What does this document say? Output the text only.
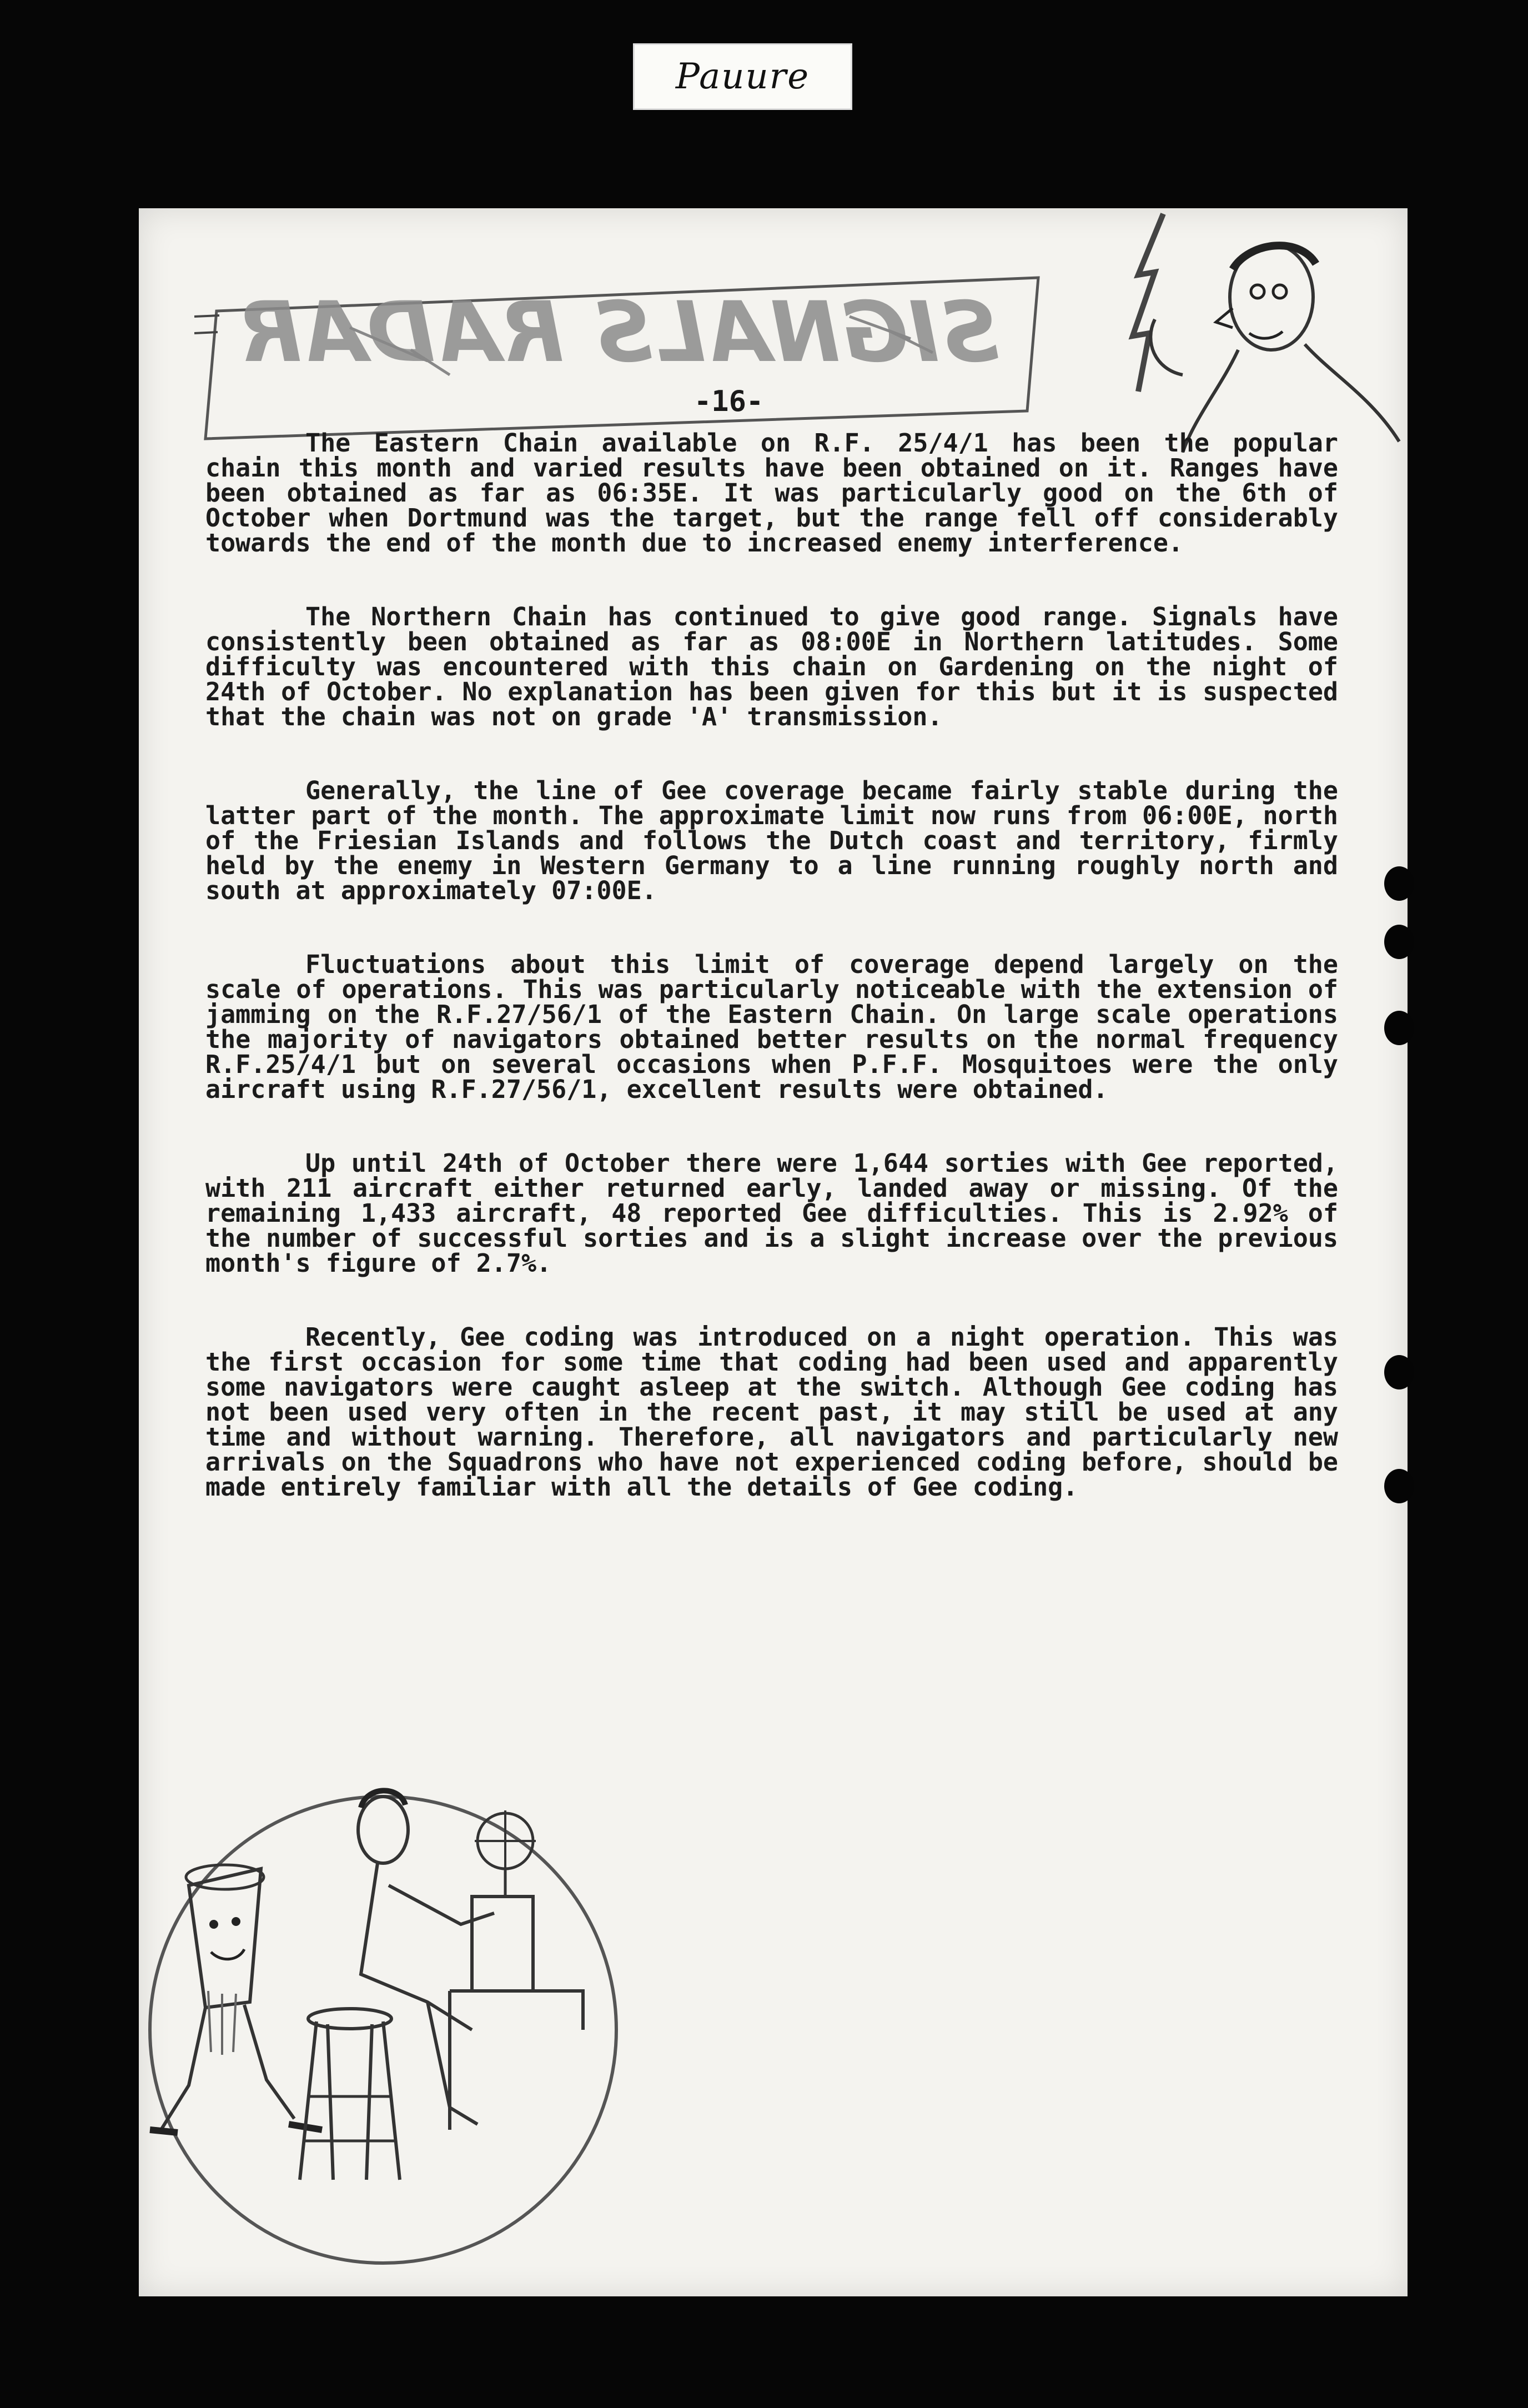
Pauure
SIGNALS RADAR
-16-

The Eastern Chain available on R.F. 25/4/1 has been the popular chain this month and varied results have been obtained on it. Ranges have been obtained as far as 06:35E. It was particularly good on the 6th of October when Dortmund was the target, but the range fell off considerably towards the end of the month due to increased enemy interference.

The Northern Chain has continued to give good range. Signals have consistently been obtained as far as 08:00E in Northern latitudes. Some difficulty was encountered with this chain on Gardening on the night of 24th of October. No explanation has been given for this but it is suspected that the chain was not on grade 'A' transmission.

Generally, the line of Gee coverage became fairly stable during the latter part of the month. The approximate limit now runs from 06:00E, north of the Friesian Islands and follows the Dutch coast and territory, firmly held by the enemy in Western Germany to a line running roughly north and south at approximately 07:00E.

Fluctuations about this limit of coverage depend largely on the scale of operations. This was particularly noticeable with the extension of jamming on the R.F.27/56/1 of the Eastern Chain. On large scale operations the majority of navigators obtained better results on the normal frequency R.F.25/4/1 but on several occasions when P.F.F. Mosquitoes were the only aircraft using R.F.27/56/1, excellent results were obtained.

Up until 24th of October there were 1,644 sorties with Gee reported, with 211 aircraft either returned early, landed away or missing. Of the remaining 1,433 aircraft, 48 reported Gee difficulties. This is 2.92% of the number of successful sorties and is a slight increase over the previous month's figure of 2.7%.

Recently, Gee coding was introduced on a night operation. This was the first occasion for some time that coding had been used and apparently some navigators were caught asleep at the switch. Although Gee coding has not been used very often in the recent past, it may still be used at any time and without warning. Therefore, all navigators and particularly new arrivals on the Squadrons who have not experienced coding before, should be made entirely familiar with all the details of Gee coding.
